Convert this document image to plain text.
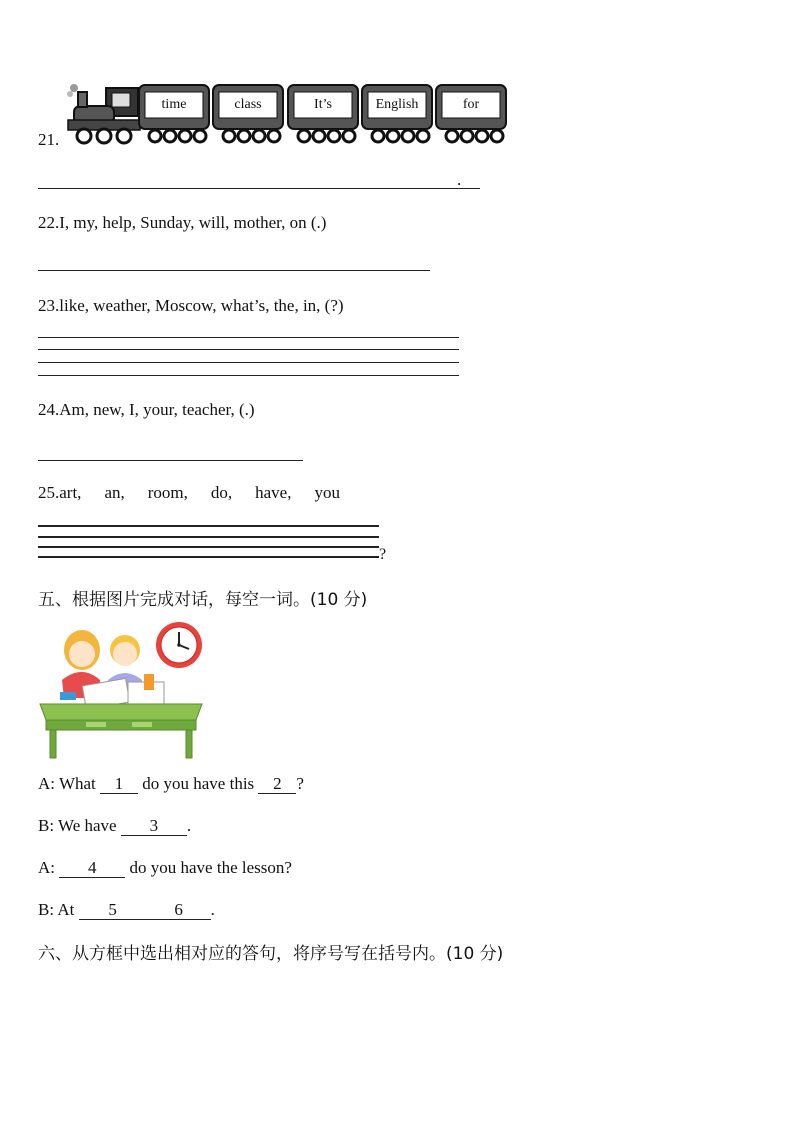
21.
time	class	It’s	English	for
.
22.I, my, help, Sunday, will, mother, on (.)
23.like, weather, Moscow, what’s, the, in, (?)
24.Am, new, I, your, teacher, (.)
25.art, an, room, do, have, you
?
五、根据图片完成对话，每空一词。(10 分)
A: What 1 do you have this 2 ?
B: We have 3 .
A: 4 do you have the lesson?
B: At 5	6 .
六、从方框中选出相对应的答句，将序号写在括号内。(10 分)
